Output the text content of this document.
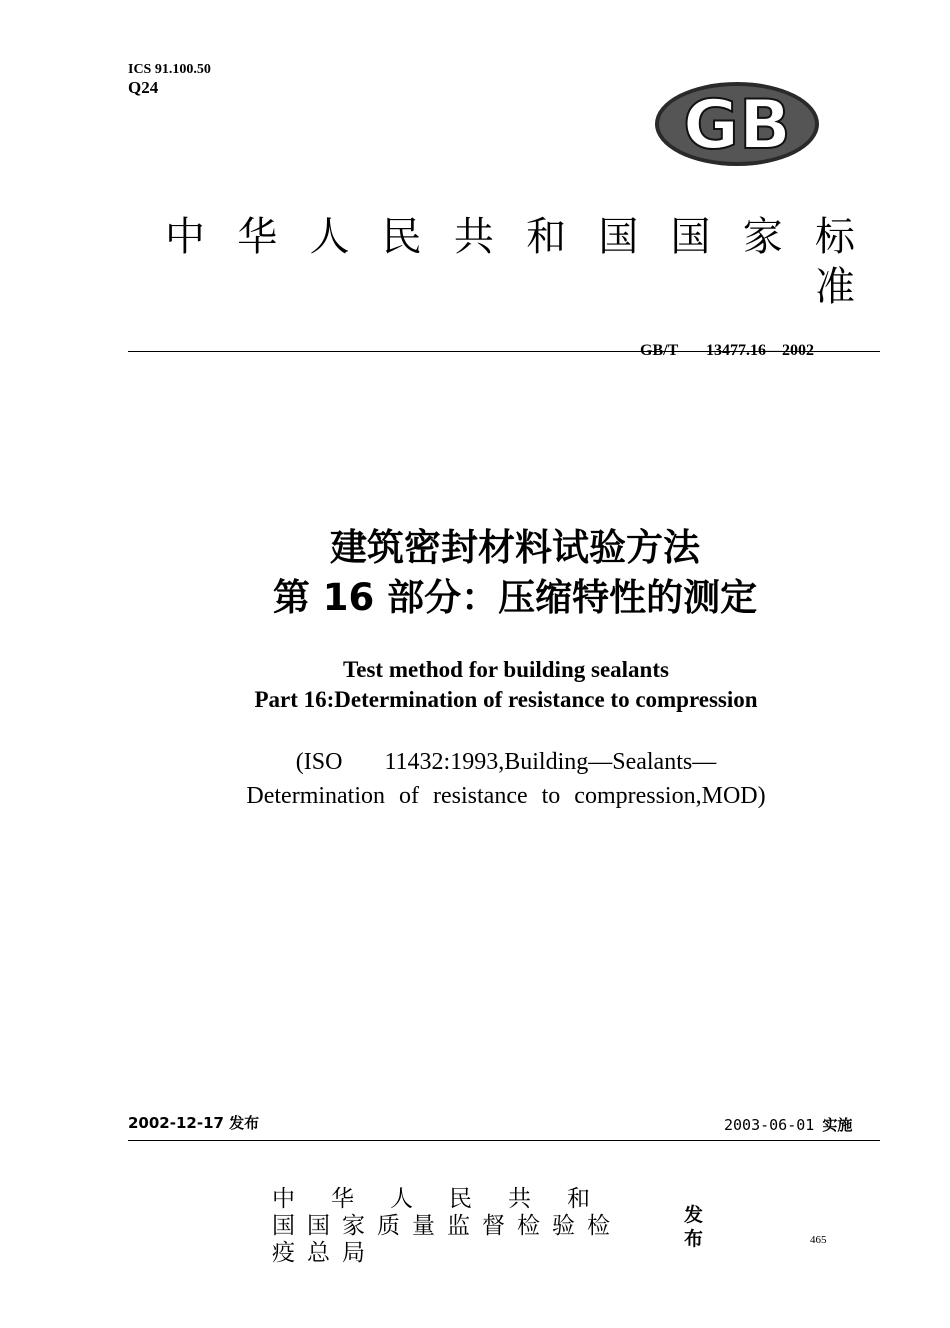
ICS 91.100.50
Q24	GB
中华人民共和国国家标准
GB/T 13477.16—2002
建筑密封材料试验方法
第 16 部分：压缩特性的测定
Test method for building sealants
Part 16:Determination of resistance to compression
(ISO   11432:1993,Building—Sealants—
Determination of resistance to compression,MOD)
2002-12-17 发布	2003-06-01 实施
中华人民共和
国国家质量监督检验检
疫总局
发布	465
